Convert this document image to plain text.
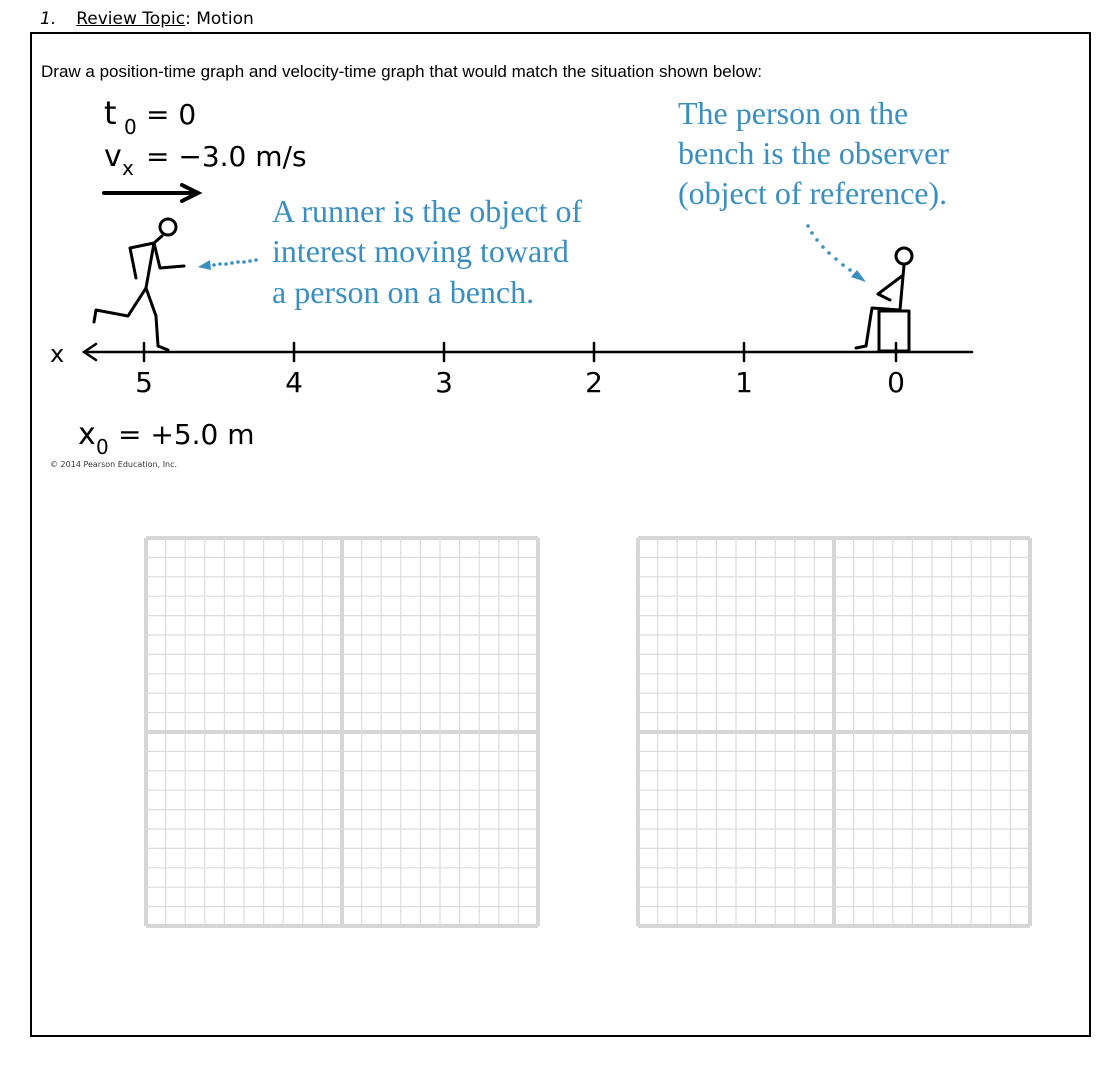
1. Review Topic: Motion
Draw a position-time graph and velocity-time graph that would match the situation shown below:
t 0 = 0
v x = −3.0 m/s
A runner is the object of
interest moving toward
a person on a bench.
The person on the
bench is the observer
(object of reference).
x
5	4	3	2	1	0
x 0 = +5.0 m
© 2014 Pearson Education, Inc.
